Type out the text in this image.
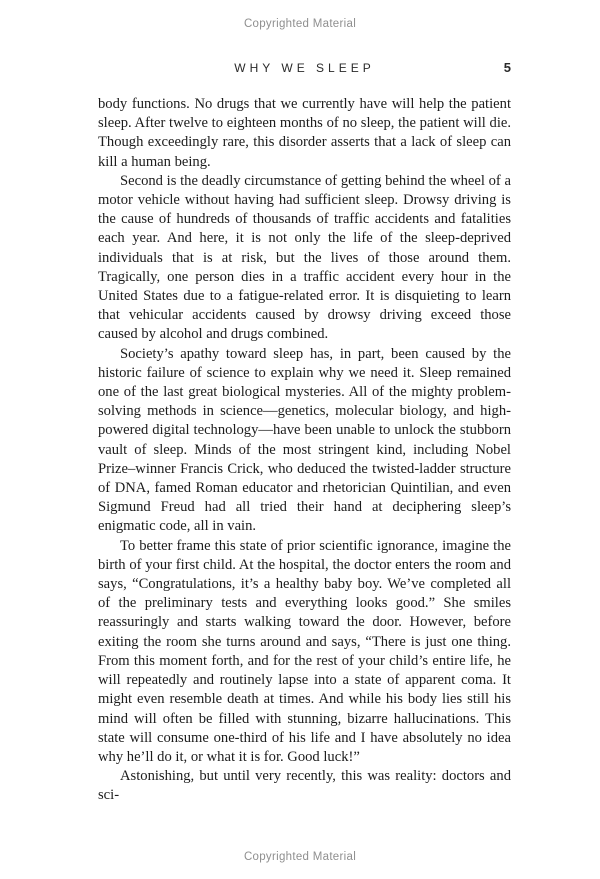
Copyrighted Material
WHY WE SLEEP	5

body functions. No drugs that we currently have will help the patient sleep. After twelve to eighteen months of no sleep, the patient will die. Though exceedingly rare, this disorder asserts that a lack of sleep can kill a human being.

Second is the deadly circumstance of getting behind the wheel of a motor vehicle without having had sufficient sleep. Drowsy driving is the cause of hundreds of thousands of traffic accidents and fatalities each year. And here, it is not only the life of the sleep-deprived individuals that is at risk, but the lives of those around them. Tragically, one person dies in a traffic accident every hour in the United States due to a fatigue-related error. It is disquieting to learn that vehicular accidents caused by drowsy driving exceed those caused by alcohol and drugs combined.

Society’s apathy toward sleep has, in part, been caused by the historic failure of science to explain why we need it. Sleep remained one of the last great biological mysteries. All of the mighty problem-solving methods in science—genetics, molecular biology, and high-powered digital technology—have been unable to unlock the stubborn vault of sleep. Minds of the most stringent kind, including Nobel Prize–winner Francis Crick, who deduced the twisted-ladder structure of DNA, famed Roman educator and rhetorician Quintilian, and even Sigmund Freud had all tried their hand at deciphering sleep’s enigmatic code, all in vain.

To better frame this state of prior scientific ignorance, imagine the birth of your first child. At the hospital, the doctor enters the room and says, “Congratulations, it’s a healthy baby boy. We’ve completed all of the preliminary tests and everything looks good.” She smiles reassuringly and starts walking toward the door. However, before exiting the room she turns around and says, “There is just one thing. From this moment forth, and for the rest of your child’s entire life, he will repeatedly and routinely lapse into a state of apparent coma. It might even resemble death at times. And while his body lies still his mind will often be filled with stunning, bizarre hallucinations. This state will consume one-third of his life and I have absolutely no idea why he’ll do it, or what it is for. Good luck!”

Astonishing, but until very recently, this was reality: doctors and sci-

Copyrighted Material
